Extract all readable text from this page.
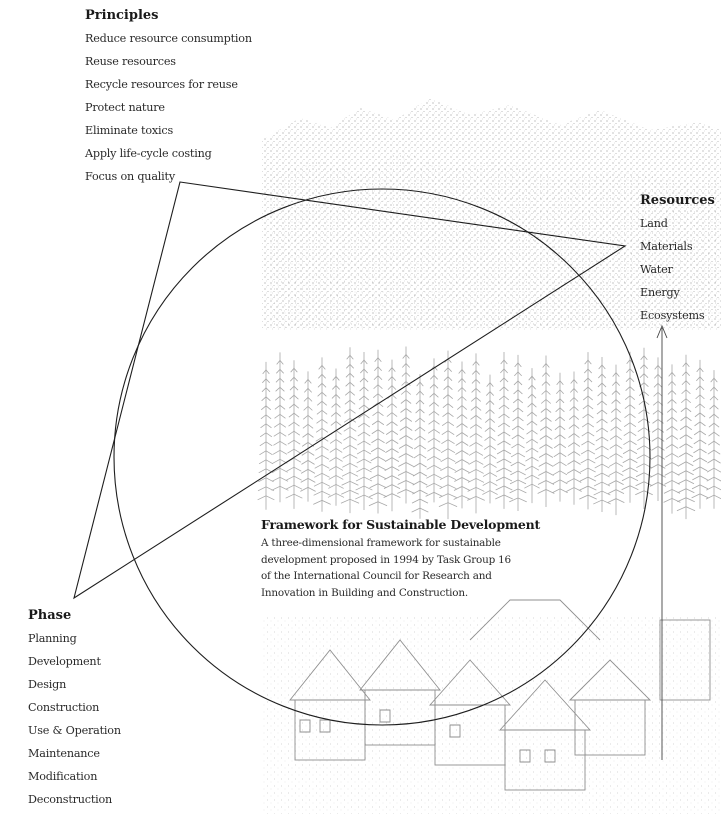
Principles
Reduce resource consumption
Reuse resources
Recycle resources for reuse
Protect nature
Eliminate toxics
Apply life-cycle costing
Focus on quality
Resources
Land
Materials
Water
Energy
Ecosystems
Phase
Planning
Development
Design
Construction
Use & Operation
Maintenance
Modification
Deconstruction
Framework for Sustainable Development

A three-dimensional framework for sustainable development proposed in 1994 by Task Group 16 of the International Council for Research and Innovation in Building and Construction.
